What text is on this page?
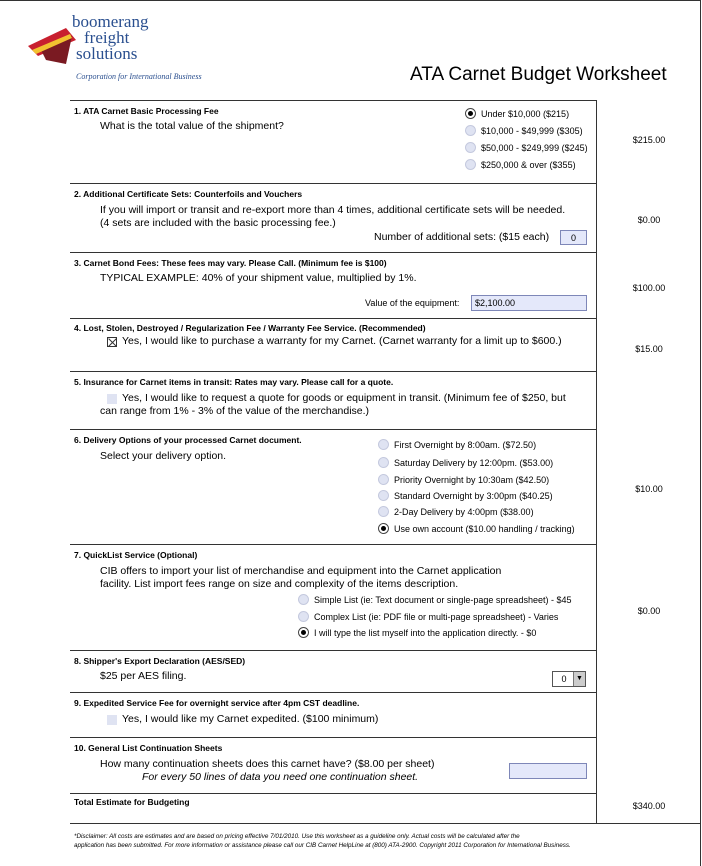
boomerang
freight
solutions
Corporation for International Business	ATA Carnet Budget Worksheet
1. ATA Carnet Basic Processing Fee
What is the total value of the shipment?
Under $10,000 ($215)
$10,000 - $49,999 ($305)
$50,000 - $249,999 ($245)
$250,000 & over ($355)
$215.00
2. Additional Certificate Sets: Counterfoils and Vouchers
If you will import or transit and re-export more than 4 times, additional certificate sets will be needed.
(4 sets are included with the basic processing fee.)
Number of additional sets: ($15 each)	0
$0.00
3. Carnet Bond Fees: These fees may vary. Please Call. (Minimum fee is $100)
TYPICAL EXAMPLE: 40% of your shipment value, multiplied by 1%.
Value of the equipment:	$2,100.00
$100.00
4. Lost, Stolen, Destroyed / Regularization Fee / Warranty Fee Service. (Recommended)
Yes, I would like to purchase a warranty for my Carnet. (Carnet warranty for a limit up to $600.)
$15.00
5. Insurance for Carnet items in transit: Rates may vary. Please call for a quote.
Yes, I would like to request a quote for goods or equipment in transit. (Minimum fee of $250, but
can range from 1% - 3% of the value of the merchandise.)
6. Delivery Options of your processed Carnet document.
Select your delivery option.
First Overnight by 8:00am. ($72.50)
Saturday Delivery by 12:00pm. ($53.00)
Priority Overnight by 10:30am ($42.50)
Standard Overnight by 3:00pm ($40.25)
2-Day Delivery by 4:00pm ($38.00)
Use own account ($10.00 handling / tracking)
$10.00
7. QuickList Service (Optional)
CIB offers to import your list of merchandise and equipment into the Carnet application
facility. List import fees range on size and complexity of the items description.
Simple List (ie: Text document or single-page spreadsheet) - $45
Complex List (ie: PDF file or multi-page spreadsheet) - Varies
I will type the list myself into the application directly. - $0
$0.00
8. Shipper's Export Declaration (AES/SED)
$25 per AES filing.	0	▼
9. Expedited Service Fee for overnight service after 4pm CST deadline.
Yes, I would like my Carnet expedited. ($100 minimum)
10. General List Continuation Sheets
How many continuation sheets does this carnet have? ($8.00 per sheet)
For every 50 lines of data you need one continuation sheet.
Total Estimate for Budgeting	$340.00
*Disclaimer: All costs are estimates and are based on pricing effective 7/01/2010. Use this worksheet as a guideline only. Actual costs will be calculated after the
application has been submitted. For more information or assistance please call our CIB Carnet HelpLine at (800) ATA-2900. Copyright 2011 Corporation for International Business.
